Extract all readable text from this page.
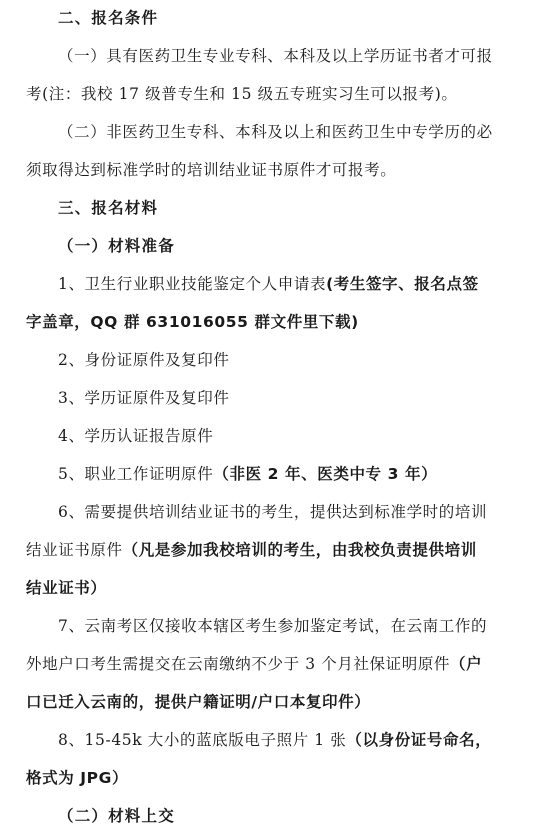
二、报名条件
（一）具有医药卫生专业专科、本科及以上学历证书者才可报
考(注：我校 17 级普专生和 15 级五专班实习生可以报考)。
（二）非医药卫生专科、本科及以上和医药卫生中专学历的必
须取得达到标准学时的培训结业证书原件才可报考。
三、报名材料
（一）材料准备
1、卫生行业职业技能鉴定个人申请表(考生签字、报名点签
字盖章，QQ 群 631016055 群文件里下载)
2、身份证原件及复印件
3、学历证原件及复印件
4、学历认证报告原件
5、职业工作证明原件（非医 2 年、医类中专 3 年）
6、需要提供培训结业证书的考生，提供达到标准学时的培训
结业证书原件（凡是参加我校培训的考生，由我校负责提供培训
结业证书）
7、云南考区仅接收本辖区考生参加鉴定考试，在云南工作的
外地户口考生需提交在云南缴纳不少于 3 个月社保证明原件（户
口已迁入云南的，提供户籍证明/户口本复印件）
8、15-45k 大小的蓝底版电子照片 1 张（以身份证号命名，
格式为 JPG）
（二）材料上交
